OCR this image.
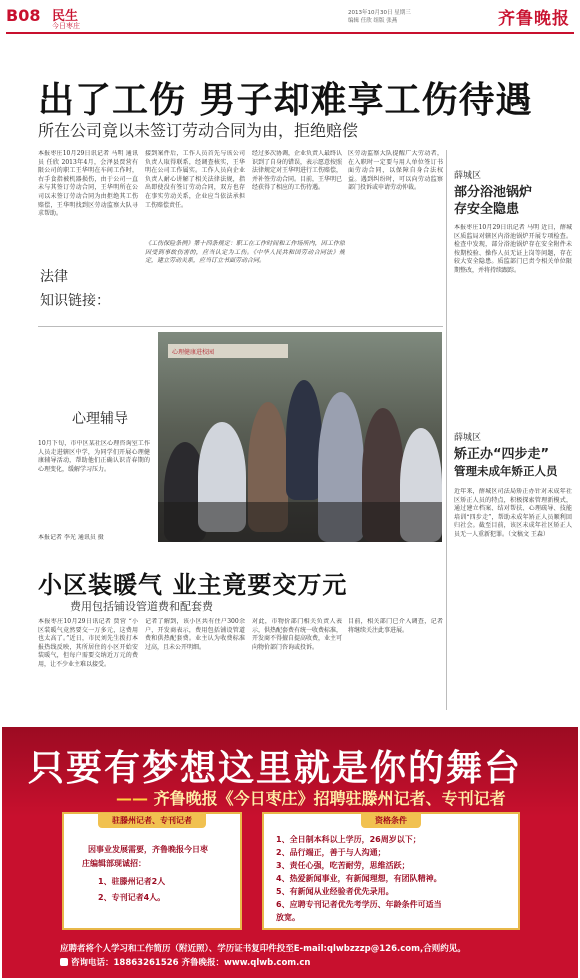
B08 民生
今日枣庄
2013年10月30日 星期三
编辑 任欣 组版 张燕	齐鲁晚报
出了工伤 男子却难享工伤待遇
所在公司竟以未签订劳动合同为由，拒绝赔偿
本报枣庄10月29日讯记者 马明 通讯员 任欣 2013年4月，会泽县贾营有限公司的职工王华明在车间工作时，右手食指被机器损伤，由于公司一直未与其签订劳动合同，王华明所在公司以未签订劳动合同为由拒绝其工伤赔偿，王华明找到区劳动监察大队寻求帮助。
接到案件后，工作人员首先与该公司负责人取得联系，经调查核实，王华明在公司工作属实。工作人员向企业负责人耐心讲解了相关法律法规，指出即使没有签订劳动合同，双方也存在事实劳动关系，企业应当依法承担工伤赔偿责任。
经过多次协调，企业负责人最终认识到了自身的错误，表示愿意按照法律规定对王华明进行工伤赔偿，并补签劳动合同。目前，王华明已经获得了相应的工伤待遇。
区劳动监察大队提醒广大劳动者，在入职时一定要与用人单位签订书面劳动合同，以保障自身合法权益。遇到纠纷时，可以向劳动监察部门投诉或申请劳动仲裁。
法律
知识链接：
《工伤保险条例》第十四条规定：职工在工作时间和工作场所内，因工作原因受到事故伤害的，应当认定为工伤。《中华人民共和国劳动合同法》规定，建立劳动关系，应当订立书面劳动合同。
心理辅导
10月下旬，市中区某社区心理咨询室工作人员走进辖区中学，为同学们开展心理健康辅导活动，帮助他们正确认识青春期的心理变化，缓解学习压力。
本报记者 李光 通讯员 摄
心理健康进校园
薛城区
部分浴池锅炉
存安全隐患
本报枣庄10月29日讯记者 马明 近日，薛城区质监局对辖区内浴池锅炉开展专项检查。检查中发现，部分浴池锅炉存在安全附件未按期校验、操作人员无证上岗等问题，存在较大安全隐患。质监部门已责令相关单位限期整改，并将持续跟踪。
薛城区
矫正办“四步走”
管理未成年矫正人员
近年来，薛城区司法局矫正办针对未成年社区矫正人员的特点，积极探索管理新模式，通过建立档案、结对帮扶、心理疏导、技能培训“四步走”，帮助未成年矫正人员顺利回归社会。截至目前，该区未成年社区矫正人员无一人重新犯罪。（文稿文 王森）
小区装暖气 业主竟要交万元
费用包括铺设管道费和配套费
本报枣庄10月29日讯记者 贾营 “小区装暖气竟然要交一万多元，这费用也太高了。”近日，市民刘先生拨打本报热线反映，其所居住的小区开始安装暖气，但每户需要交纳近万元的费用，让不少业主难以接受。
记者了解到，该小区共有住户300余户，开发商表示，费用包括铺设管道费和供热配套费。业主认为收费标准过高，且未公开明细。
对此，市物价部门相关负责人表示，供热配套费有统一收费标准，开发商不得擅自提高收费，业主可向物价部门咨询或投诉。
目前，相关部门已介入调查，记者将继续关注此事进展。
只要有梦想这里就是你的舞台
—— 齐鲁晚报《今日枣庄》招聘驻滕州记者、专刊记者
驻滕州记者、专刊记者
因事业发展需要，齐鲁晚报今日枣
庄编辑部现诚招：
1、驻滕州记者2人
2、专刊记者4人。
资格条件
1、全日制本科以上学历，26周岁以下；
2、品行端正，善于与人沟通；
3、责任心强，吃苦耐劳，思维活跃；
4、热爱新闻事业，有新闻理想，有团队精神。
5、有新闻从业经验者优先录用。
6、应聘专刊记者优先考学历、年龄条件可适当
放宽。
应聘者将个人学习和工作简历（附近照）、学历证书复印件投至E-mail:qlwbzzzp@126.com,合则约见。
咨询电话：18863261526 齐鲁晚报：www.qlwb.com.cn
